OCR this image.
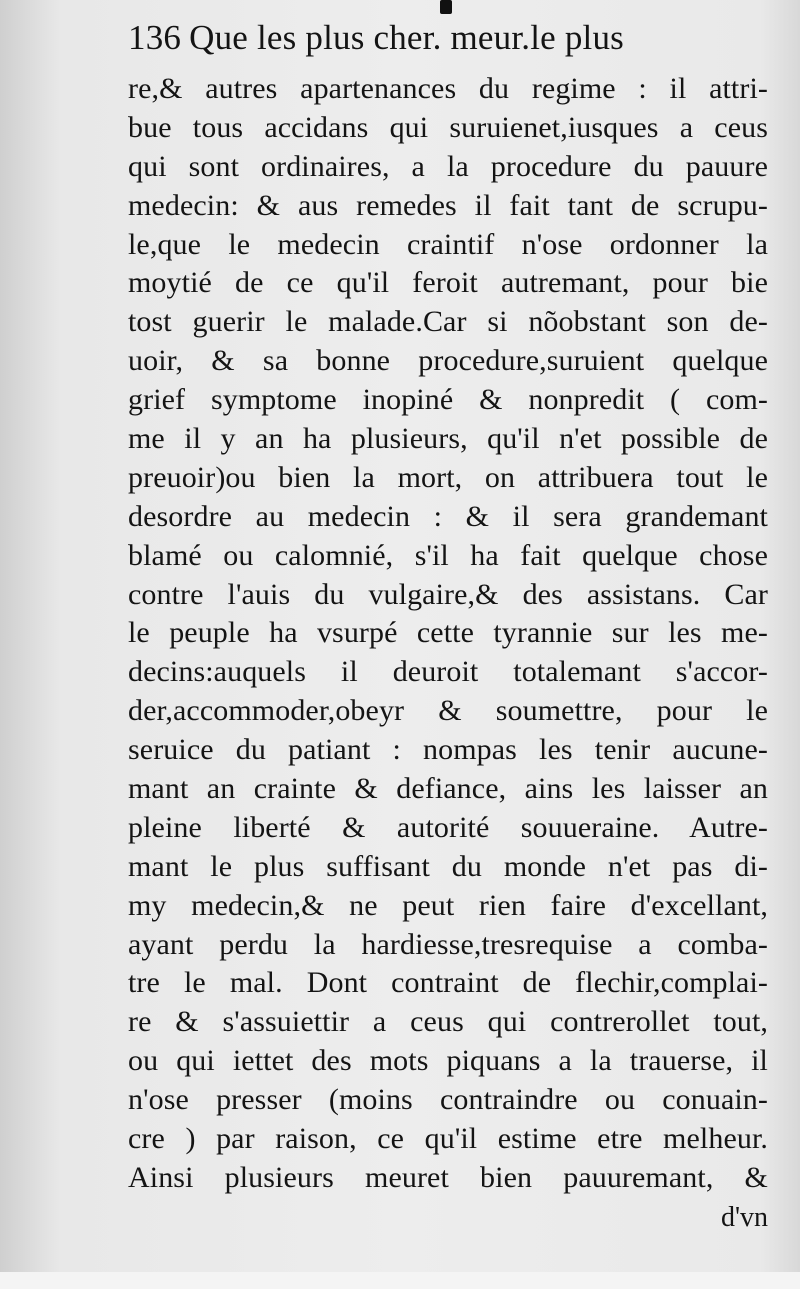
136 Que les plus cher. meur.le plus
re,& autres apartenances du regime : il attri-
bue tous accidans qui suruienet,iusques a ceus
qui sont ordinaires, a la procedure du pauure
medecin: & aus remedes il fait tant de scrupu-
le,que le medecin craintif n'ose ordonner la
moytié de ce qu'il feroit autremant, pour bie
tost guerir le malade.Car si nõobstant son de-
uoir, & sa bonne procedure,suruient quelque
grief symptome inopiné & nonpredit ( com-
me il y an ha plusieurs, qu'il n'et possible de
preuoir)ou bien la mort, on attribuera tout le
desordre au medecin : & il sera grandemant
blamé ou calomnié, s'il ha fait quelque chose
contre l'auis du vulgaire,& des assistans. Car
le peuple ha vsurpé cette tyrannie sur les me-
decins:auquels il deuroit totalemant s'accor-
der,accommoder,obeyr & soumettre, pour le
seruice du patiant : nompas les tenir aucune-
mant an crainte & defiance, ains les laisser an
pleine liberté & autorité souueraine. Autre-
mant le plus suffisant du monde n'et pas di-
my medecin,& ne peut rien faire d'excellant,
ayant perdu la hardiesse,tresrequise a comba-
tre le mal. Dont contraint de flechir,complai-
re & s'assuiettir a ceus qui contrerollet tout,
ou qui iettet des mots piquans a la trauerse, il
n'ose presser (moins contraindre ou conuain-
cre ) par raison, ce qu'il estime etre melheur.
Ainsi plusieurs meuret bien pauuremant, &
d'vn
